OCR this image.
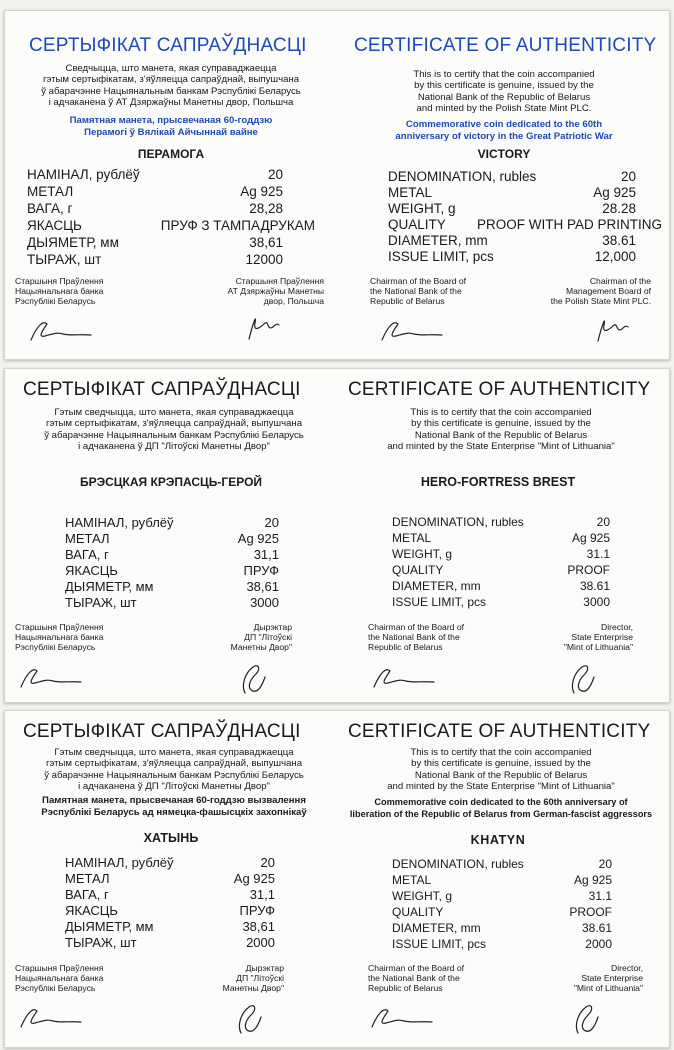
СЕРТЫФІКАТ САПРАЎДНАСЦІ
Сведчыцца, што манета, якая суправаджаецца
гэтым сертыфікатам, з'яўляецца сапраўднай, выпушчана
ў абарачэнне Нацыянальным банкам Рэспублікі Беларусь
і адчаканена ў АТ Дзяржаўны Манетны двор, Польшча
Памятная манета, прысвечаная 60-годдзю
Перамогі ў Вялікай Айчыннай вайне
ПЕРАМОГА
НАМІНАЛ, рублёў	20
МЕТАЛ	Ag 925
ВАГА, г	28,28
ЯКАСЦЬ	ПРУФ З ТАМПАДРУКАМ
ДЫЯМЕТР, мм	38,61
ТЫРАЖ, шт	12000
Старшыня Праўлення
Нацыянальнага банка
Рэспублікі Беларусь
Старшыня Праўлення
АТ Дзяржаўны Манетны
двор, Польшча
CERTIFICATE OF AUTHENTICITY
This is to certify that the coin accompanied
by this certificate is genuine, issued by the
National Bank of the Republic of Belarus
and minted by the Polish State Mint PLC.
Commemorative coin dedicated to the 60th
anniversary of victory in the Great Patriotic War
VICTORY
DENOMINATION, rubles	20
METAL	Ag 925
WEIGHT, g	28.28
QUALITY	PROOF WITH PAD PRINTING
DIAMETER, mm	38.61
ISSUE LIMIT, pcs	12,000
Chairman of the Board of
the National Bank of the
Republic of Belarus
Chairman of the
Management Board of
the Polish State Mint PLC.
СЕРТЫФІКАТ САПРАЎДНАСЦІ
Гэтым сведчыцца, што манета, якая суправаджаецца
гэтым сертыфікатам, з'яўляецца сапраўднай, выпушчана
ў абарачэнне Нацыянальным банкам Рэспублікі Беларусь
і адчаканена ў ДП "Літоўскі Манетны Двор"
БРЭСЦКАЯ КРЭПАСЦЬ-ГЕРОЙ
НАМІНАЛ, рублёў	20
МЕТАЛ	Ag 925
ВАГА, г	31,1
ЯКАСЦЬ	ПРУФ
ДЫЯМЕТР, мм	38,61
ТЫРАЖ, шт	3000
Старшыня Праўлення
Нацыянальнага банка
Рэспублікі Беларусь
Дырэктар
ДП "Літоўскі
Манетны Двор"
CERTIFICATE OF AUTHENTICITY
This is to certify that the coin accompanied
by this certificate is genuine, issued by the
National Bank of the Republic of Belarus
and minted by the State Enterprise "Mint of Lithuania"
HERO-FORTRESS BREST
DENOMINATION, rubles	20
METAL	Ag 925
WEIGHT, g	31.1
QUALITY	PROOF
DIAMETER, mm	38.61
ISSUE LIMIT, pcs	3000
Chairman of the Board of
the National Bank of the
Republic of Belarus
Director,
State Enterprise
"Mint of Lithuania"
СЕРТЫФІКАТ САПРАЎДНАСЦІ
Гэтым сведчыцца, што манета, якая суправаджаецца
гэтым сертыфікатам, з'яўляецца сапраўднай, выпушчана
ў абарачэнне Нацыянальным банкам Рэспублікі Беларусь
і адчаканена ў ДП "Літоўскі Манетны Двор"
Памятная манета, прысвечаная 60-годдзю вызвалення
Рэспублікі Беларусь ад нямецка-фашысцкіх захопнікаў
ХАТЫНЬ
НАМІНАЛ, рублёў	20
МЕТАЛ	Ag 925
ВАГА, г	31,1
ЯКАСЦЬ	ПРУФ
ДЫЯМЕТР, мм	38,61
ТЫРАЖ, шт	2000
Старшыня Праўлення
Нацыянальнага банка
Рэспублікі Беларусь
Дырэктар
ДП "Літоўскі
Манетны Двор"
CERTIFICATE OF AUTHENTICITY
This is to certify that the coin accompanied
by this certificate is genuine, issued by the
National Bank of the Republic of Belarus
and minted by the State Enterprise "Mint of Lithuania"
Commemorative coin dedicated to the 60th anniversary of
liberation of the Republic of Belarus from German-fascist aggressors
KHATYN
DENOMINATION, rubles	20
METAL	Ag 925
WEIGHT, g	31.1
QUALITY	PROOF
DIAMETER, mm	38.61
ISSUE LIMIT, pcs	2000
Chairman of the Board of
the National Bank of the
Republic of Belarus
Director,
State Enterprise
"Mint of Lithuania"
